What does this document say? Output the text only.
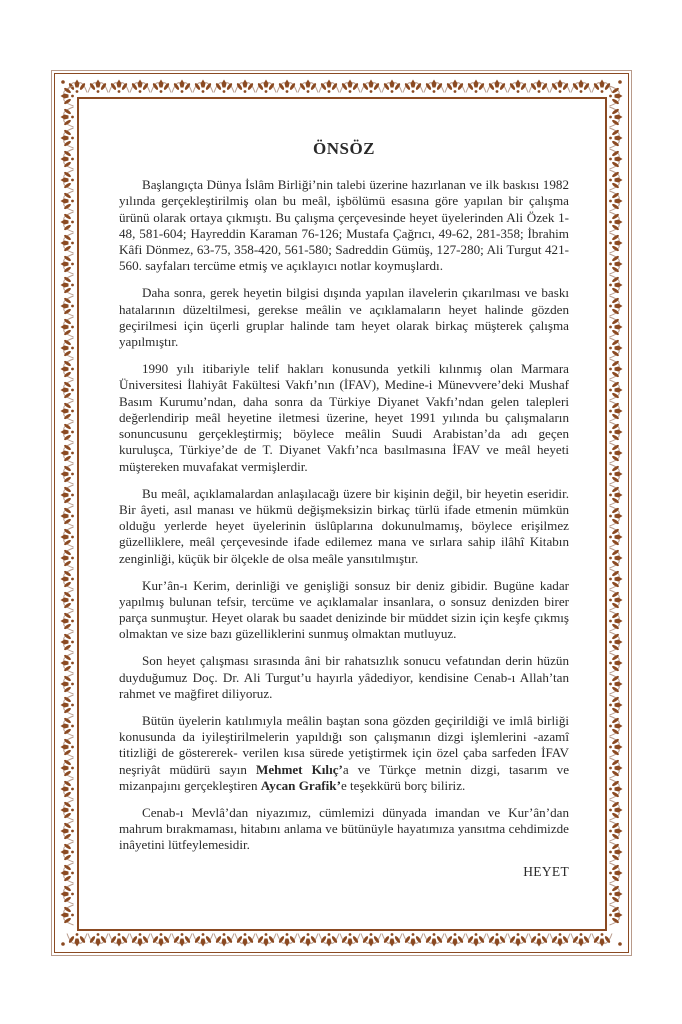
ÖNSÖZ

Başlangıçta Dünya İslâm Birliği’nin talebi üzerine hazırlanan ve ilk baskısı 1982 yılında gerçekleştirilmiş olan bu meâl, işbölümü esasına göre yapılan bir çalışma ürünü olarak ortaya çıkmıştı. Bu çalışma çerçevesinde heyet üyelerinden Ali Özek 1-48, 581-604; Hayreddin Karaman 76-126; Mustafa Çağrıcı, 49-62, 281-358; İbrahim Kâfi Dönmez, 63-75, 358-420, 561-580; Sadreddin Gümüş, 127-280; Ali Turgut 421-560. sayfaları tercüme etmiş ve açıklayıcı notlar koymuşlardı.

Daha sonra, gerek heyetin bilgisi dışında yapılan ilavelerin çıkarılması ve baskı hatalarının düzeltilmesi, gerekse meâlin ve açıklamaların heyet halinde gözden geçirilmesi için üçerli gruplar halinde tam heyet olarak birkaç müşterek çalışma yapılmıştır.

1990 yılı itibariyle telif hakları konusunda yetkili kılınmış olan Marmara Üniversitesi İlahiyât Fakültesi Vakfı’nın (İFAV), Medine-i Münevvere’deki Mushaf Basım Kurumu’ndan, daha sonra da Türkiye Diyanet Vakfı’ndan gelen talepleri değerlendirip meâl heyetine iletmesi üzerine, heyet 1991 yılında bu çalışmaların sonuncusunu gerçekleştirmiş; böylece meâlin Suudi Arabistan’da adı geçen kuruluşca, Türkiye’de de T. Diyanet Vakfı’nca basılmasına İFAV ve meâl heyeti müştereken muvafakat vermişlerdir.

Bu meâl, açıklamalardan anlaşılacağı üzere bir kişinin değil, bir heyetin eseridir. Bir âyeti, asıl manası ve hükmü değişmeksizin birkaç türlü ifade etmenin mümkün olduğu yerlerde heyet üyelerinin üslûplarına dokunulmamış, böylece erişilmez güzelliklere, meâl çerçevesinde ifade edilemez mana ve sırlara sahip ilâhî Kitabın zenginliği, küçük bir ölçekle de olsa meâle yansıtılmıştır.

Kur’ân-ı Kerim, derinliği ve genişliği sonsuz bir deniz gibidir. Bugüne kadar yapılmış bulunan tefsir, tercüme ve açıklamalar insanlara, o sonsuz denizden birer parça sunmuştur. Heyet olarak bu saadet denizinde bir müddet sizin için keşfe çıkmış olmaktan ve size bazı güzelliklerini sunmuş olmaktan mutluyuz.

Son heyet çalışması sırasında âni bir rahatsızlık sonucu vefatından derin hüzün duyduğumuz Doç. Dr. Ali Turgut’u hayırla yâdediyor, kendisine Cenab-ı Allah’tan rahmet ve mağfiret diliyoruz.

Bütün üyelerin katılımıyla meâlin baştan sona gözden geçirildiği ve imlâ birliği konusunda da iyileştirilmelerin yapıldığı son çalışmanın dizgi işlemlerini -azamî titizliği de göstererek- verilen kısa sürede yetiştirmek için özel çaba sarfeden İFAV neşriyât müdürü sayın Mehmet Kılıç’a ve Türkçe metnin dizgi, tasarım ve mizanpajını gerçekleştiren Aycan Grafik’e teşekkürü borç biliriz.

Cenab-ı Mevlâ’dan niyazımız, cümlemizi dünyada imandan ve Kur’ân’dan mahrum bırakmaması, hitabını anlama ve bütünüyle hayatımıza yansıtma cehdimizde inâyetini lütfeylemesidir.

HEYET
